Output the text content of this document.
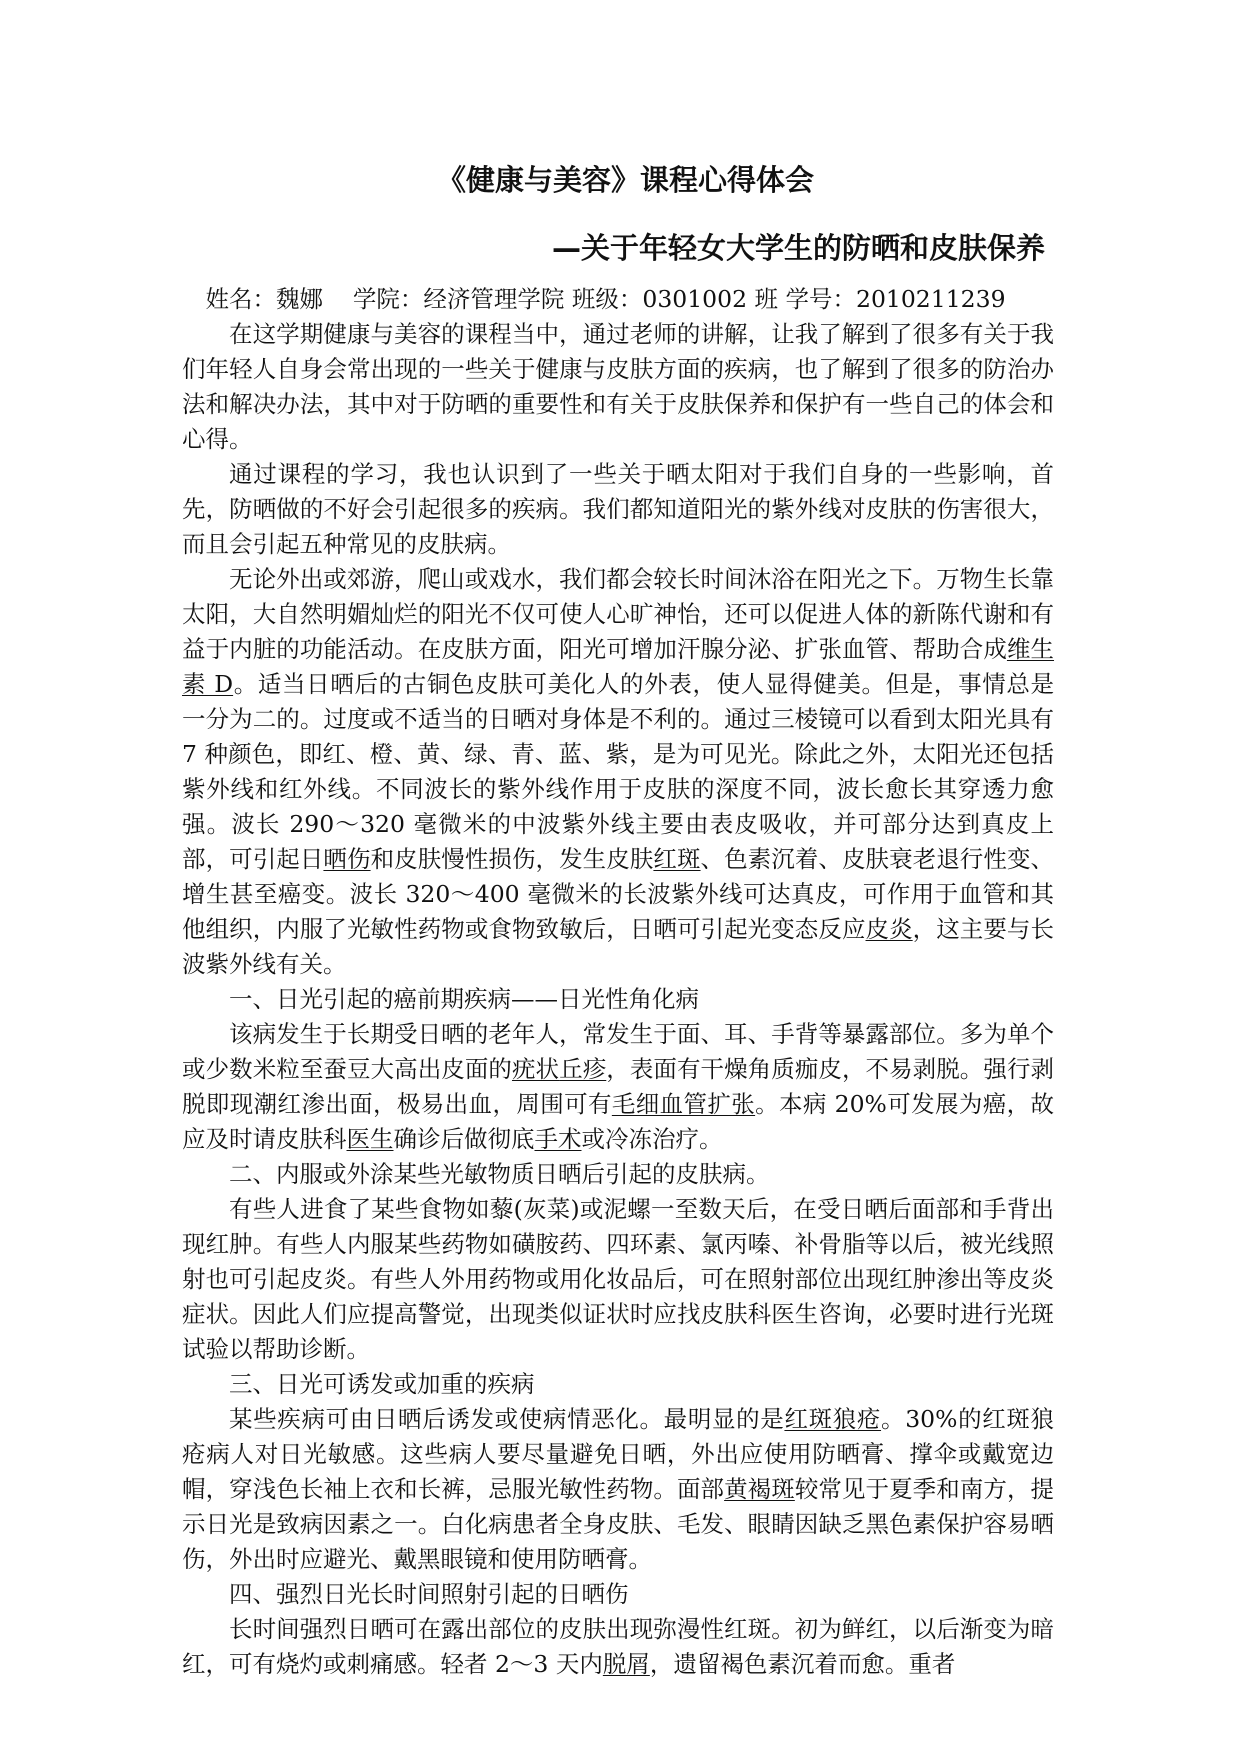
《健康与美容》课程心得体会
—关于年轻女大学生的防晒和皮肤保养

姓名：魏娜 学院：经济管理学院 班级：0301002 班 学号：2010211239

在这学期健康与美容的课程当中，通过老师的讲解，让我了解到了很多有关于我们年轻人自身会常出现的一些关于健康与皮肤方面的疾病，也了解到了很多的防治办法和解决办法，其中对于防晒的重要性和有关于皮肤保养和保护有一些自己的体会和心得。

通过课程的学习，我也认识到了一些关于晒太阳对于我们自身的一些影响，首先，防晒做的不好会引起很多的疾病。我们都知道阳光的紫外线对皮肤的伤害很大，而且会引起五种常见的皮肤病。

无论外出或郊游，爬山或戏水，我们都会较长时间沐浴在阳光之下。万物生长靠太阳，大自然明媚灿烂的阳光不仅可使人心旷神怡，还可以促进人体的新陈代谢和有益于内脏的功能活动。在皮肤方面，阳光可增加汗腺分泌、扩张血管、帮助合成维生素 D。适当日晒后的古铜色皮肤可美化人的外表，使人显得健美。但是，事情总是一分为二的。过度或不适当的日晒对身体是不利的。通过三棱镜可以看到太阳光具有 7 种颜色，即红、橙、黄、绿、青、蓝、紫，是为可见光。除此之外，太阳光还包括紫外线和红外线。不同波长的紫外线作用于皮肤的深度不同，波长愈长其穿透力愈强。波长 290～320 毫微米的中波紫外线主要由表皮吸收，并可部分达到真皮上部，可引起日晒伤和皮肤慢性损伤，发生皮肤红斑、色素沉着、皮肤衰老退行性变、增生甚至癌变。波长 320～400 毫微米的长波紫外线可达真皮，可作用于血管和其他组织，内服了光敏性药物或食物致敏后，日晒可引起光变态反应皮炎，这主要与长波紫外线有关。

一、日光引起的癌前期疾病——日光性角化病

该病发生于长期受日晒的老年人，常发生于面、耳、手背等暴露部位。多为单个或少数米粒至蚕豆大高出皮面的疣状丘疹，表面有干燥角质痂皮，不易剥脱。强行剥脱即现潮红渗出面，极易出血，周围可有毛细血管扩张。本病 20%可发展为癌，故应及时请皮肤科医生确诊后做彻底手术或冷冻治疗。

二、内服或外涂某些光敏物质日晒后引起的皮肤病。

有些人进食了某些食物如藜(灰菜)或泥螺一至数天后，在受日晒后面部和手背出现红肿。有些人内服某些药物如磺胺药、四环素、氯丙嗪、补骨脂等以后，被光线照射也可引起皮炎。有些人外用药物或用化妆品后，可在照射部位出现红肿渗出等皮炎症状。因此人们应提高警觉，出现类似证状时应找皮肤科医生咨询，必要时进行光斑试验以帮助诊断。

三、日光可诱发或加重的疾病

某些疾病可由日晒后诱发或使病情恶化。最明显的是红斑狼疮。30%的红斑狼疮病人对日光敏感。这些病人要尽量避免日晒，外出应使用防晒膏、撑伞或戴宽边帽，穿浅色长袖上衣和长裤，忌服光敏性药物。面部黄褐斑较常见于夏季和南方，提示日光是致病因素之一。白化病患者全身皮肤、毛发、眼睛因缺乏黑色素保护容易晒伤，外出时应避光、戴黑眼镜和使用防晒膏。

四、强烈日光长时间照射引起的日晒伤

长时间强烈日晒可在露出部位的皮肤出现弥漫性红斑。初为鲜红，以后渐变为暗红，可有烧灼或刺痛感。轻者 2～3 天内脱屑，遗留褐色素沉着而愈。重者
